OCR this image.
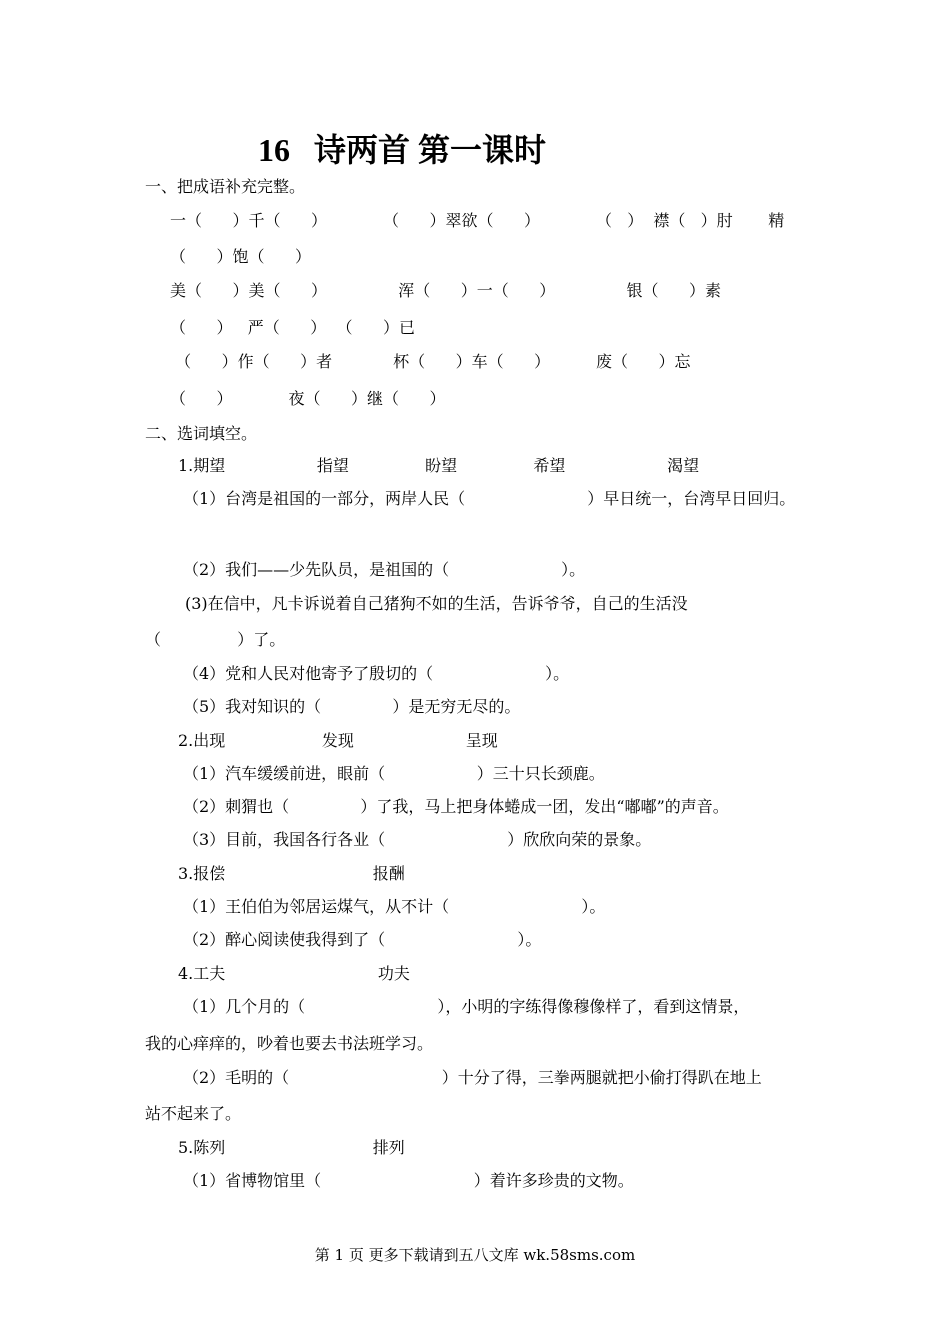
16   诗两首 第一课时
一、把成语补充完整。
一（      ）千（      ）           （      ）翠欲（      ）           （   ）  襟（   ）肘       精
（      ）饱（      ）
美（      ）美（      ）              浑（      ）一（      ）              银（      ）素
（      ）   严（      ）  （      ）已
（      ）作（      ）者            杯（      ）车（      ）         废（      ）忘
（      ）           夜（      ）继（      ）
二、选词填空。
1.期望                  指望               盼望               希望                    渴望
（1）台湾是祖国的一部分，两岸人民（                        ）早日统一，台湾早日回归。
（2）我们——少先队员，是祖国的（                      ）。
(3)在信中，凡卡诉说着自己猪狗不如的生活，告诉爷爷，自己的生活没
（               ）了。
（4）党和人民对他寄予了殷切的（                      ）。
（5）我对知识的（              ）是无穷无尽的。
2.出现                   发现                      呈现
（1）汽车缓缓前进，眼前（                  ）三十只长颈鹿。
（2）刺猬也（              ）了我，马上把身体蜷成一团，发出“嘟嘟”的声音。
（3）目前，我国各行各业（                        ）欣欣向荣的景象。
3.报偿                             报酬
（1）王伯伯为邻居运煤气，从不计（                          ）。
（2）醉心阅读使我得到了（                          ）。
4.工夫                              功夫
（1）几个月的（                          ），小明的字练得像穆像样了，看到这情景，
我的心痒痒的，吵着也要去书法班学习。
（2）毛明的（                              ）十分了得，三拳两腿就把小偷打得趴在地上
站不起来了。
5.陈列                             排列
（1）省博物馆里（                              ）着许多珍贵的文物。
第 1 页 更多下载请到五八文库 wk.58sms.com
